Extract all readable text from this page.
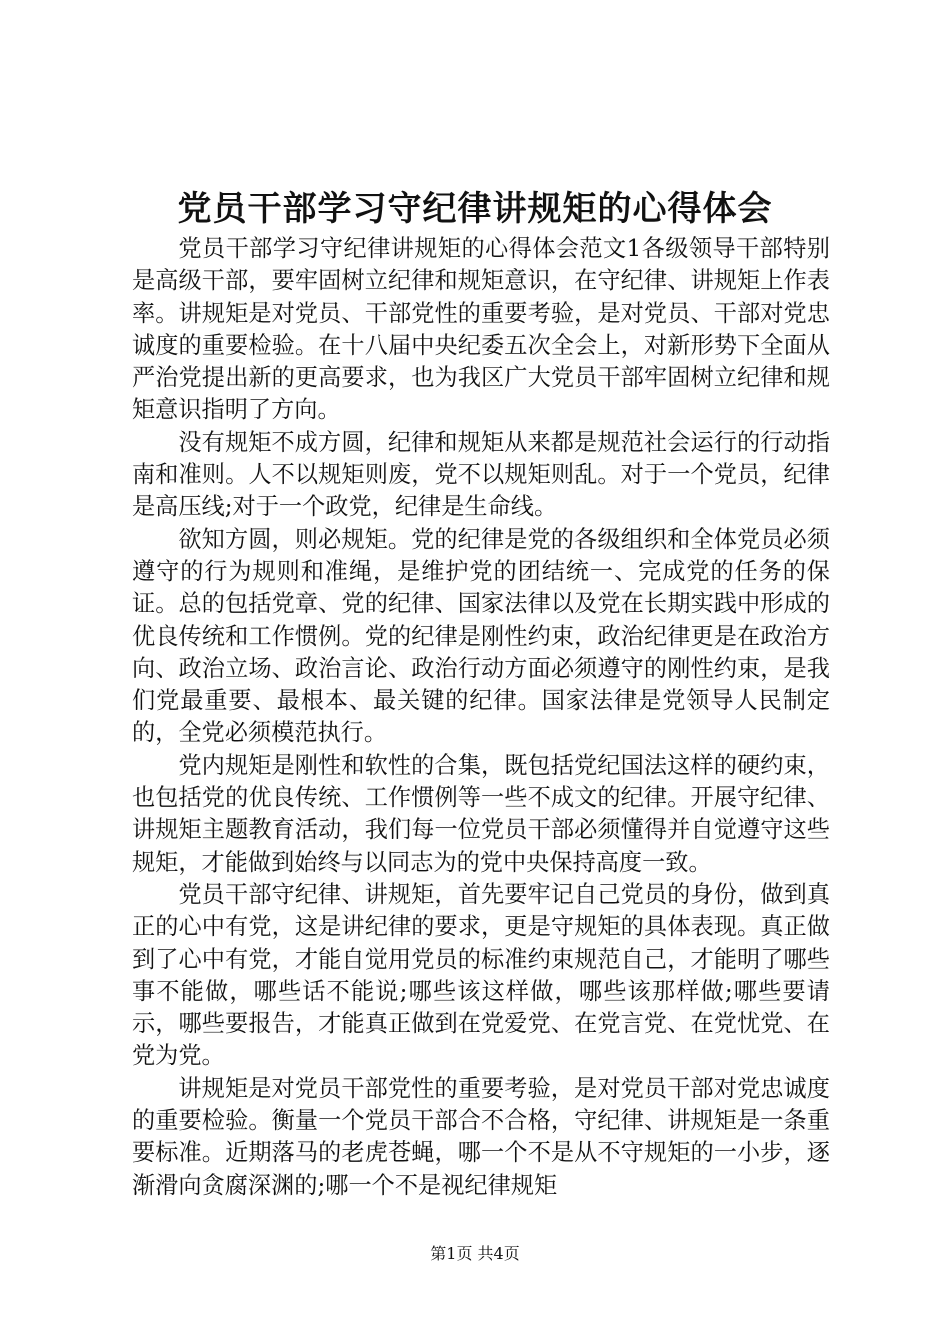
党员干部学习守纪律讲规矩的心得体会

党员干部学习守纪律讲规矩的心得体会范文1各级领导干部特别是高级干部，要牢固树立纪律和规矩意识，在守纪律、讲规矩上作表率。讲规矩是对党员、干部党性的重要考验，是对党员、干部对党忠诚度的重要检验。在十八届中央纪委五次全会上，对新形势下全面从严治党提出新的更高要求，也为我区广大党员干部牢固树立纪律和规矩意识指明了方向。

没有规矩不成方圆，纪律和规矩从来都是规范社会运行的行动指南和准则。人不以规矩则废，党不以规矩则乱。对于一个党员，纪律是高压线;对于一个政党，纪律是生命线。

欲知方圆，则必规矩。党的纪律是党的各级组织和全体党员必须遵守的行为规则和准绳，是维护党的团结统一、完成党的任务的保证。总的包括党章、党的纪律、国家法律以及党在长期实践中形成的优良传统和工作惯例。党的纪律是刚性约束，政治纪律更是在政治方向、政治立场、政治言论、政治行动方面必须遵守的刚性约束，是我们党最重要、最根本、最关键的纪律。国家法律是党领导人民制定的，全党必须模范执行。

党内规矩是刚性和软性的合集，既包括党纪国法这样的硬约束，也包括党的优良传统、工作惯例等一些不成文的纪律。开展守纪律、讲规矩主题教育活动，我们每一位党员干部必须懂得并自觉遵守这些规矩，才能做到始终与以同志为的党中央保持高度一致。

党员干部守纪律、讲规矩，首先要牢记自己党员的身份，做到真正的心中有党，这是讲纪律的要求，更是守规矩的具体表现。真正做到了心中有党，才能自觉用党员的标准约束规范自己，才能明了哪些事不能做，哪些话不能说;哪些该这样做，哪些该那样做;哪些要请示，哪些要报告，才能真正做到在党爱党、在党言党、在党忧党、在党为党。

讲规矩是对党员干部党性的重要考验，是对党员干部对党忠诚度的重要检验。衡量一个党员干部合不合格，守纪律、讲规矩是一条重要标准。近期落马的老虎苍蝇，哪一个不是从不守规矩的一小步，逐渐滑向贪腐深渊的;哪一个不是视纪律规矩

第1页 共4页
